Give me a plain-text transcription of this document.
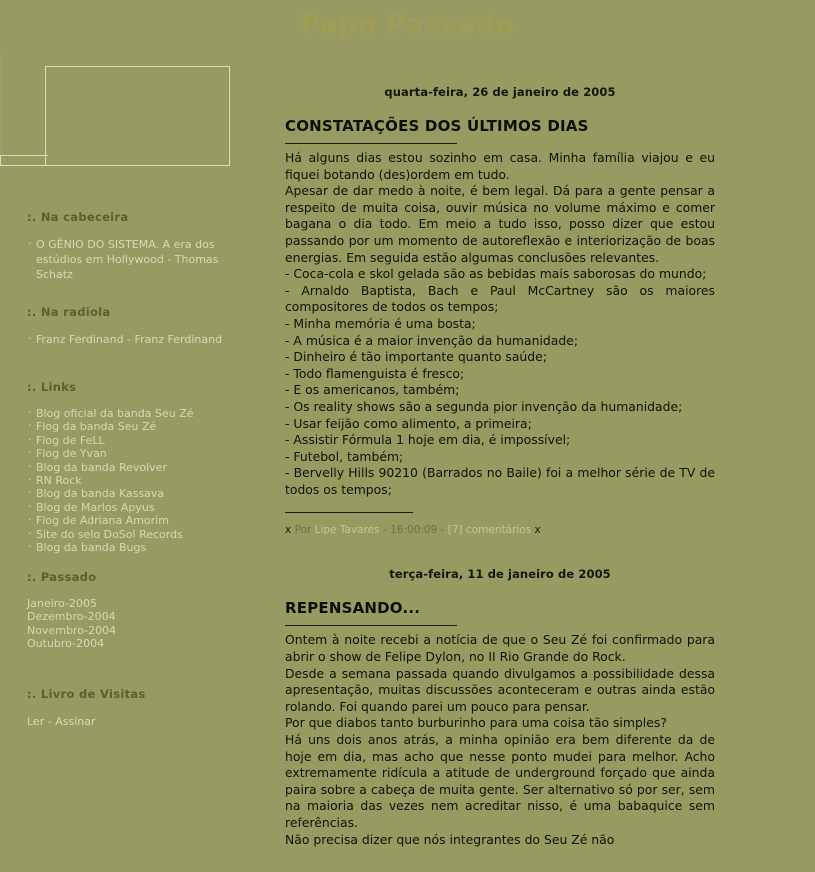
Papo Passado
:. Na cabeceira
· O GÊNIO DO SISTEMA. A era dos estúdios em Hollywood - Thomas Schatz
:. Na radiola
· Franz Ferdinand - Franz Ferdinand
:. Links
· Blog oficial da banda Seu Zé
· Flog da banda Seu Zé
· Flog de FeLL
· Flog de Yvan
· Blog da banda Revolver
· RN Rock
· Blog da banda Kassava
· Blog de Marlos Apyus
· Flog de Adriana Amorim
· Site do selo DoSol Records
· Blog da banda Bugs
:. Passado
Janeiro-2005
Dezembro-2004
Novembro-2004
Outubro-2004
:. Livro de Visitas
Ler - Assinar
quarta-feira, 26 de janeiro de 2005
CONSTATAÇÕES DOS ÚLTIMOS DIAS

Há alguns dias estou sozinho em casa. Minha família viajou e eu fiquei botando (des)ordem em tudo.

Apesar de dar medo à noite, é bem legal. Dá para a gente pensar a respeito de muita coisa, ouvir música no volume máximo e comer bagana o dia todo. Em meio a tudo isso, posso dizer que estou passando por um momento de autoreflexão e interiorização de boas energias. Em seguida estão algumas conclusões relevantes.

- Coca-cola e skol gelada são as bebidas mais saborosas do mundo;

- Arnaldo Baptista, Bach e Paul McCartney são os maiores compositores de todos os tempos;

- Minha memória é uma bosta;

- A música é a maior invenção da humanidade;

- Dinheiro é tão importante quanto saúde;

- Todo flamenguista é fresco;

- E os americanos, também;

- Os reality shows são a segunda pior invenção da humanidade;

- Usar feijão como alimento, a primeira;

- Assistir Fórmula 1 hoje em dia, é impossível;

- Futebol, também;

- Bervelly Hills 90210 (Barrados no Baile) foi a melhor série de TV de todos os tempos;

x Por Lipe Tavares - 16:00:09 - [7] comentários x
terça-feira, 11 de janeiro de 2005
REPENSANDO...

Ontem à noite recebi a notícia de que o Seu Zé foi confirmado para abrir o show de Felipe Dylon, no II Rio Grande do Rock.

Desde a semana passada quando divulgamos a possibilidade dessa apresentação, muitas discussões aconteceram e outras ainda estão rolando. Foi quando parei um pouco para pensar.

Por que diabos tanto burburinho para uma coisa tão simples?

Há uns dois anos atrás, a minha opinião era bem diferente da de hoje em dia, mas acho que nesse ponto mudei para melhor. Acho extremamente ridícula a atitude de underground forçado que ainda paira sobre a cabeça de muita gente. Ser alternativo só por ser, sem na maioria das vezes nem acreditar nisso, é uma babaquice sem referências.

Não precisa dizer que nós integrantes do Seu Zé não
